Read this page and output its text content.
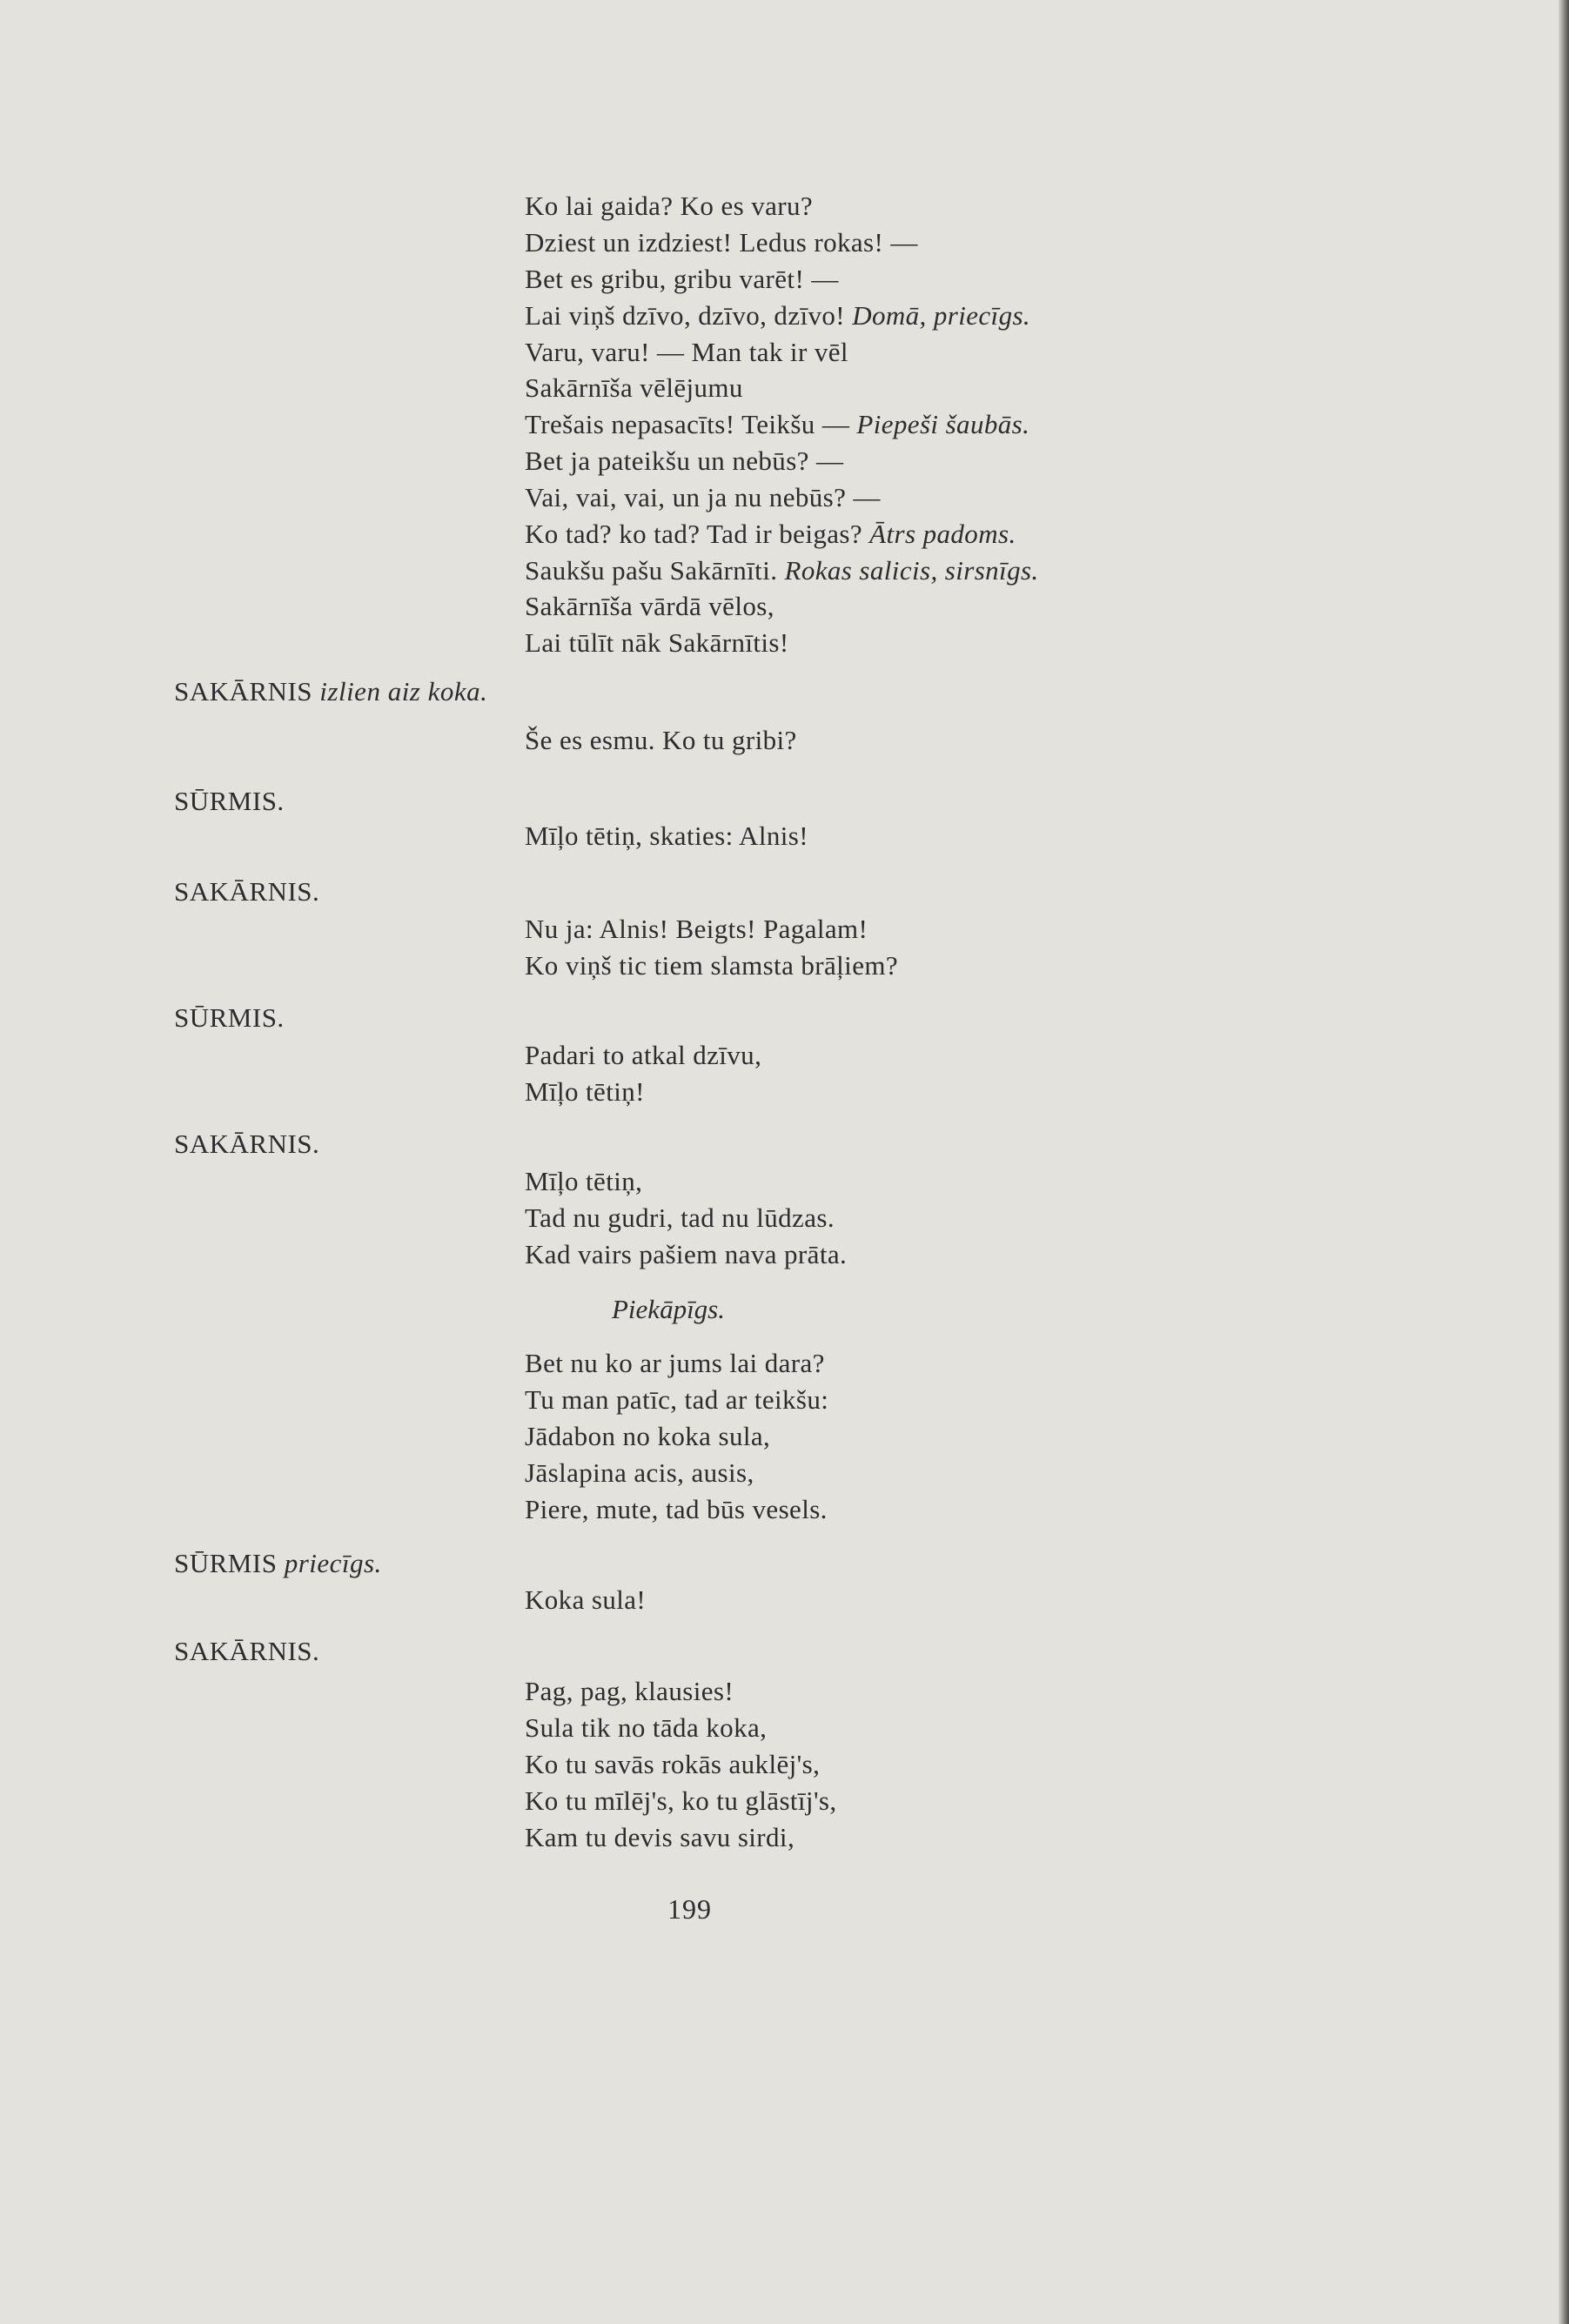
Ko lai gaida? Ko es varu?
Dziest un izdziest! Ledus rokas! —
Bet es gribu, gribu varēt! —
Lai viņš dzīvo, dzīvo, dzīvo! Domā, priecīgs.
Varu, varu! — Man tak ir vēl
Sakārnīša vēlējumu
Trešais nepasacīts! Teikšu — Piepeši šaubās.
Bet ja pateikšu un nebūs? —
Vai, vai, vai, un ja nu nebūs? —
Ko tad? ko tad? Tad ir beigas? Ātrs padoms.
Saukšu pašu Sakārnīti. Rokas salicis, sirsnīgs.
Sakārnīša vārdā vēlos,
Lai tūlīt nāk Sakārnītis!
SAKĀRNIS izlien aiz koka.
Še es esmu. Ko tu gribi?
SŪRMIS.
Mīļo tētiņ, skaties: Alnis!
SAKĀRNIS.
Nu ja: Alnis! Beigts! Pagalam!
Ko viņš tic tiem slamsta brāļiem?
SŪRMIS.
Padari to atkal dzīvu,
Mīļo tētiņ!
SAKĀRNIS.
Mīļo tētiņ,
Tad nu gudri, tad nu lūdzas.
Kad vairs pašiem nava prāta.
Piekāpīgs.
Bet nu ko ar jums lai dara?
Tu man patīc, tad ar teikšu:
Jādabon no koka sula,
Jāslapina acis, ausis,
Piere, mute, tad būs vesels.
SŪRMIS priecīgs.
Koka sula!
SAKĀRNIS.
Pag, pag, klausies!
Sula tik no tāda koka,
Ko tu savās rokās auklēj's,
Ko tu mīlēj's, ko tu glāstīj's,
Kam tu devis savu sirdi,
199
